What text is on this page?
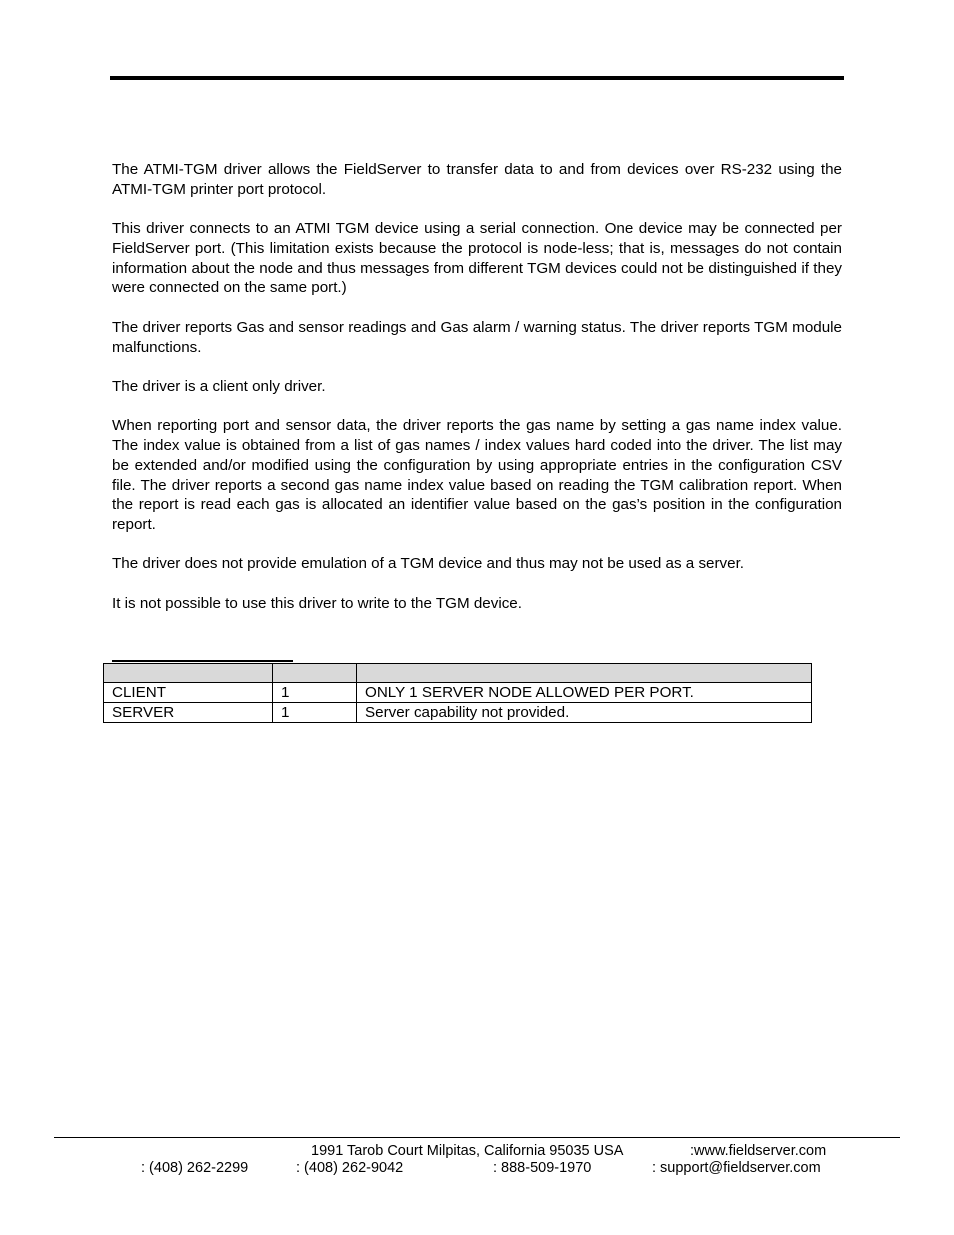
The ATMI-TGM driver allows the FieldServer to transfer data to and from devices over RS-232 using the ATMI-TGM printer port protocol.

This driver connects to an ATMI TGM device using a serial connection. One device may be connected per FieldServer port. (This limitation exists because the protocol is node-less; that is, messages do not contain information about the node and thus messages from different TGM devices could not be distinguished if they were connected on the same port.)

The driver reports Gas and sensor readings and Gas alarm / warning status. The driver reports TGM module malfunctions.

The driver is a client only driver.

When reporting port and sensor data, the driver reports the gas name by setting a gas name index value. The index value is obtained from a list of gas names / index values hard coded into the driver. The list may be extended and/or modified using the configuration by using appropriate entries in the configuration CSV file. The driver reports a second gas name index value based on reading the TGM calibration report. When the report is read each gas is allocated an identifier value based on the gas’s position in the configuration report.

The driver does not provide emulation of a TGM device and thus may not be used as a server.

It is not possible to use this driver to write to the TGM device.

CLIENT	1	ONLY 1 SERVER NODE ALLOWED PER PORT.
SERVER	1	Server capability not provided.
1991 Tarob Court Milpitas, California 95035 USA	:www.fieldserver.com
: (408) 262-2299	: (408) 262-9042	: 888-509-1970	: support@fieldserver.com
